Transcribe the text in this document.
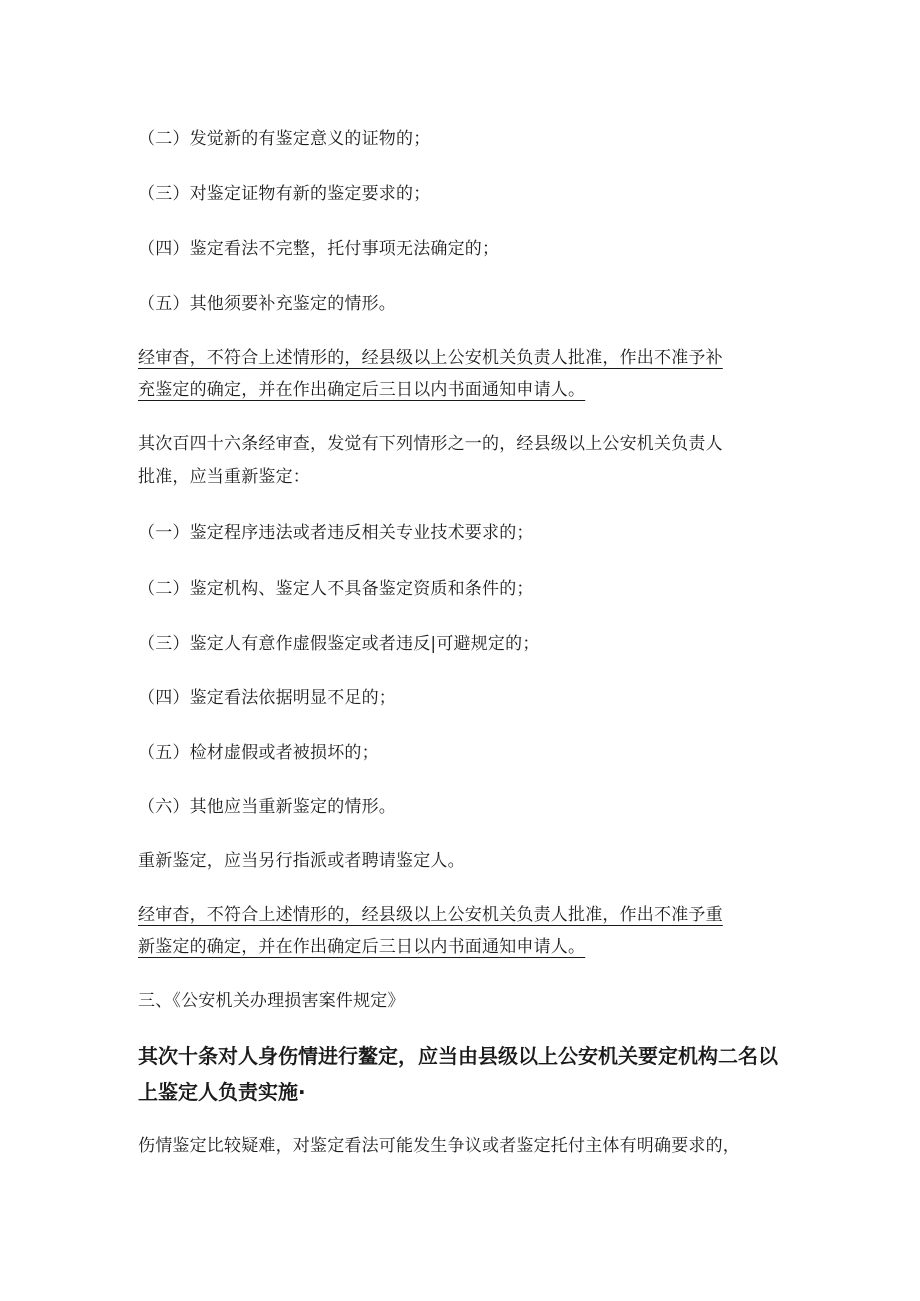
（二）发觉新的有鉴定意义的证物的；
（三）对鉴定证物有新的鉴定要求的；
（四）鉴定看法不完整，托付事项无法确定的；
（五）其他须要补充鉴定的情形。
经审杳，不符合上述情形的，经县级以上公安机关负责人批准，作出不准予补
充鉴定的确定，并在作出确定后三日以内书面通知申请人。
其次百四十六条经审查，发觉有下列情形之一的，经县级以上公安机关负责人
批准，应当重新鉴定：
（一）鉴定程序违法或者违反相关专业技术要求的；
（二）鉴定机构、鉴定人不具备鉴定资质和条件的；
（三）鉴定人有意作虚假鉴定或者违反|可避规定的；
（四）鉴定看法依据明显不足的；
（五）检材虚假或者被损坏的；
（六）其他应当重新鉴定的情形。
重新鉴定，应当另行指派或者聘请鉴定人。
经审杳，不符合上述情形的，经县级以上公安机关负责人批准，作出不准予重
新鉴定的确定，并在作出确定后三日以内书面通知申请人。
三、《公安机关办理损害案件规定》
其次十条对人身伤情进行鳌定，应当由县级以上公安机关要定机构二名以
上鉴定人负责实施·
伤情鉴定比较疑难，对鉴定看法可能发生争议或者鉴定托付主体有明确要求的，
